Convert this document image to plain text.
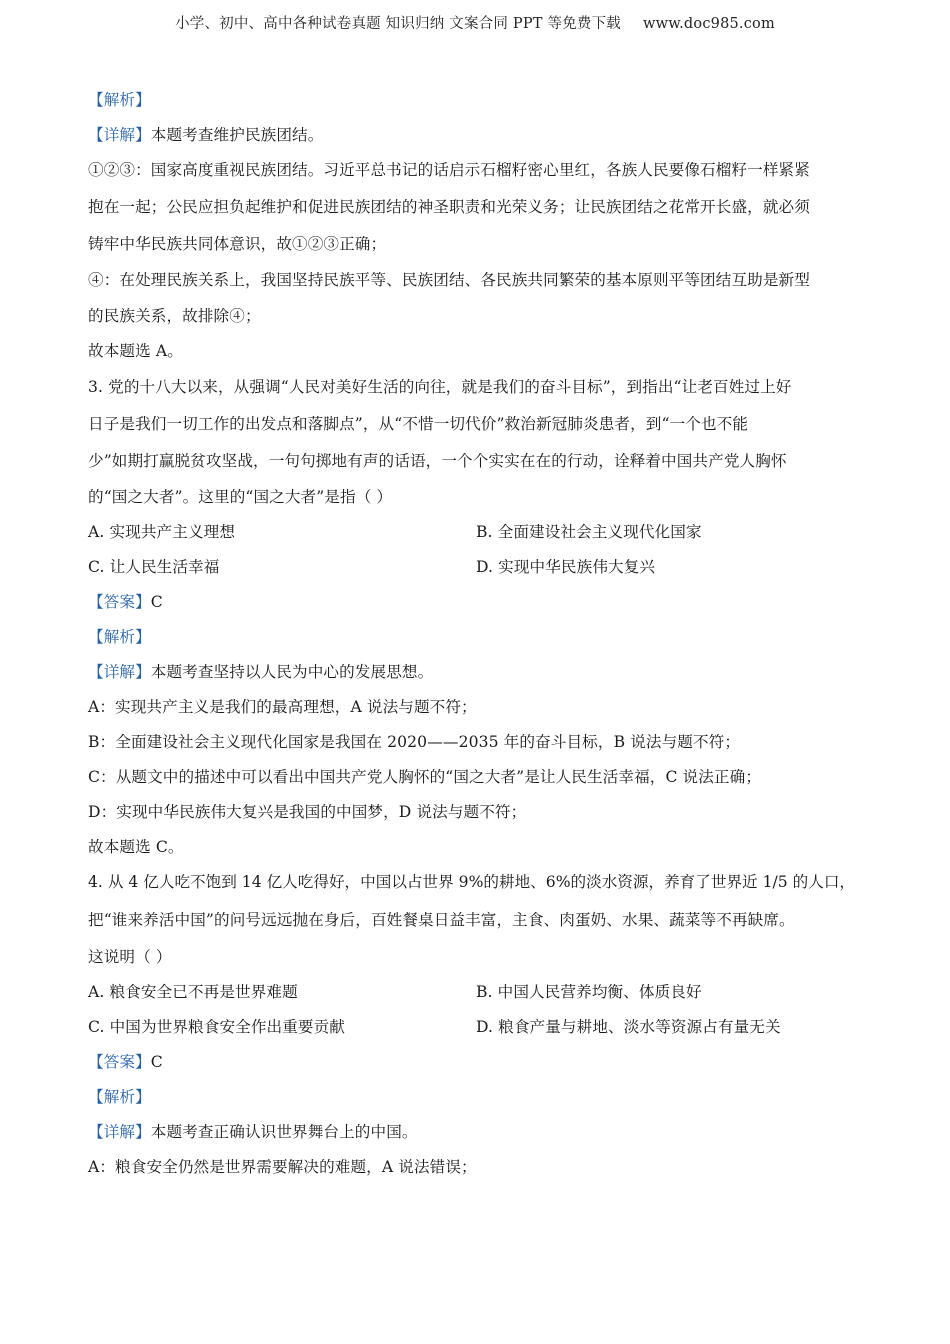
小学、初中、高中各种试卷真题 知识归纳 文案合同 PPT 等免费下载 www.doc985.com
【解析】
【详解】本题考查维护民族团结。
①②③：国家高度重视民族团结。习近平总书记的话启示石榴籽密心里红，各族人民要像石榴籽一样紧紧
抱在一起；公民应担负起维护和促进民族团结的神圣职责和光荣义务；让民族团结之花常开长盛，就必须
铸牢中华民族共同体意识，故①②③正确；
④：在处理民族关系上，我国坚持民族平等、民族团结、各民族共同繁荣的基本原则平等团结互助是新型
的民族关系，故排除④；
故本题选 A。
3. 党的十八大以来，从强调“人民对美好生活的向往，就是我们的奋斗目标”，到指出“让老百姓过上好
日子是我们一切工作的出发点和落脚点”，从“不惜一切代价”救治新冠肺炎患者，到“一个也不能
少”如期打赢脱贫攻坚战，一句句掷地有声的话语，一个个实实在在的行动，诠释着中国共产党人胸怀
的“国之大者”。这里的“国之大者”是指（ ）
A. 实现共产主义理想	B. 全面建设社会主义现代化国家
C. 让人民生活幸福	D. 实现中华民族伟大复兴
【答案】C
【解析】
【详解】本题考查坚持以人民为中心的发展思想。
A：实现共产主义是我们的最高理想，A 说法与题不符；
B：全面建设社会主义现代化国家是我国在 2020——2035 年的奋斗目标，B 说法与题不符；
C：从题文中的描述中可以看出中国共产党人胸怀的“国之大者”是让人民生活幸福，C 说法正确；
D：实现中华民族伟大复兴是我国的中国梦，D 说法与题不符；
故本题选 C。
4. 从 4 亿人吃不饱到 14 亿人吃得好，中国以占世界 9%的耕地、6%的淡水资源，养育了世界近 1/5 的人口，
把“谁来养活中国”的问号远远抛在身后，百姓餐桌日益丰富，主食、肉蛋奶、水果、蔬菜等不再缺席。
这说明（ ）
A. 粮食安全已不再是世界难题	B. 中国人民营养均衡、体质良好
C. 中国为世界粮食安全作出重要贡献	D. 粮食产量与耕地、淡水等资源占有量无关
【答案】C
【解析】
【详解】本题考查正确认识世界舞台上的中国。
A：粮食安全仍然是世界需要解决的难题，A 说法错误；
